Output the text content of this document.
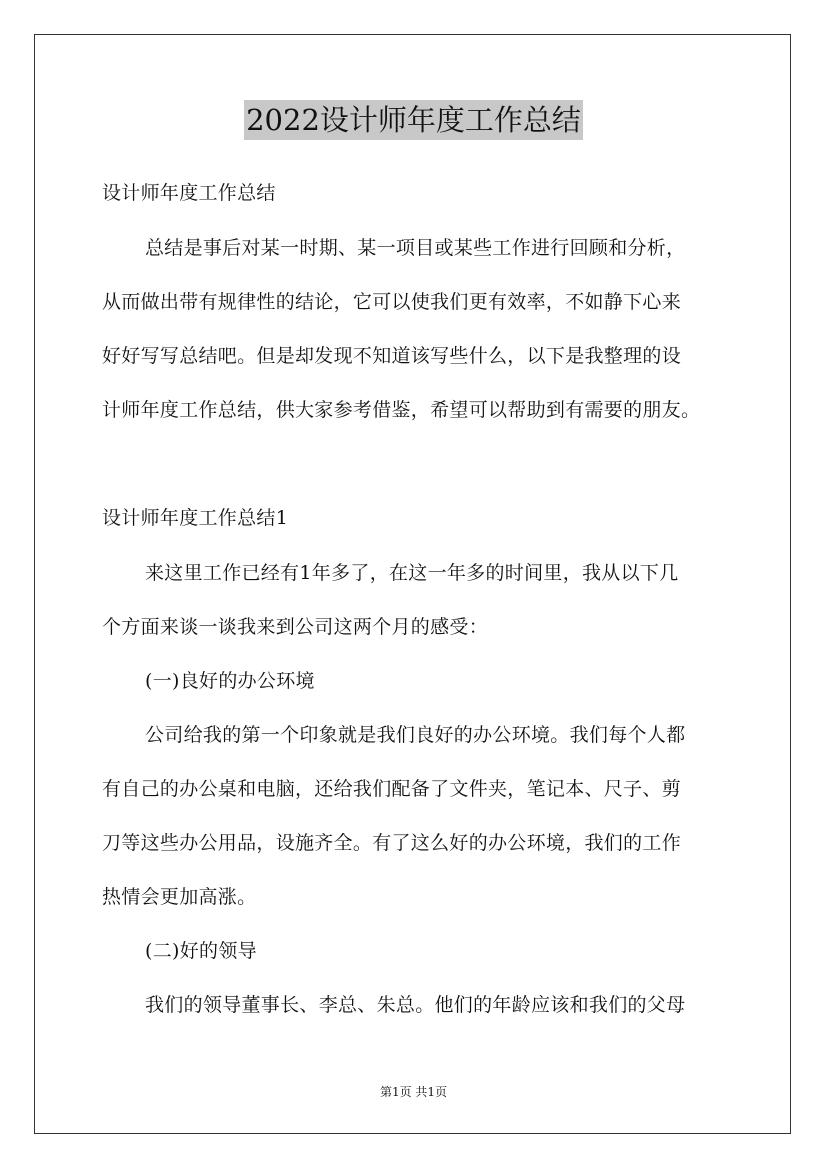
2022设计师年度工作总结
设计师年度工作总结
总结是事后对某一时期、某一项目或某些工作进行回顾和分析，
从而做出带有规律性的结论，它可以使我们更有效率，不如静下心来
好好写写总结吧。但是却发现不知道该写些什么，以下是我整理的设
计师年度工作总结，供大家参考借鉴，希望可以帮助到有需要的朋友。
设计师年度工作总结1
来这里工作已经有1年多了，在这一年多的时间里，我从以下几
个方面来谈一谈我来到公司这两个月的感受：
(一)良好的办公环境
公司给我的第一个印象就是我们良好的办公环境。我们每个人都
有自己的办公桌和电脑，还给我们配备了文件夹，笔记本、尺子、剪
刀等这些办公用品，设施齐全。有了这么好的办公环境，我们的工作
热情会更加高涨。
(二)好的领导
我们的领导董事长、李总、朱总。他们的年龄应该和我们的父母
第1页 共1页
